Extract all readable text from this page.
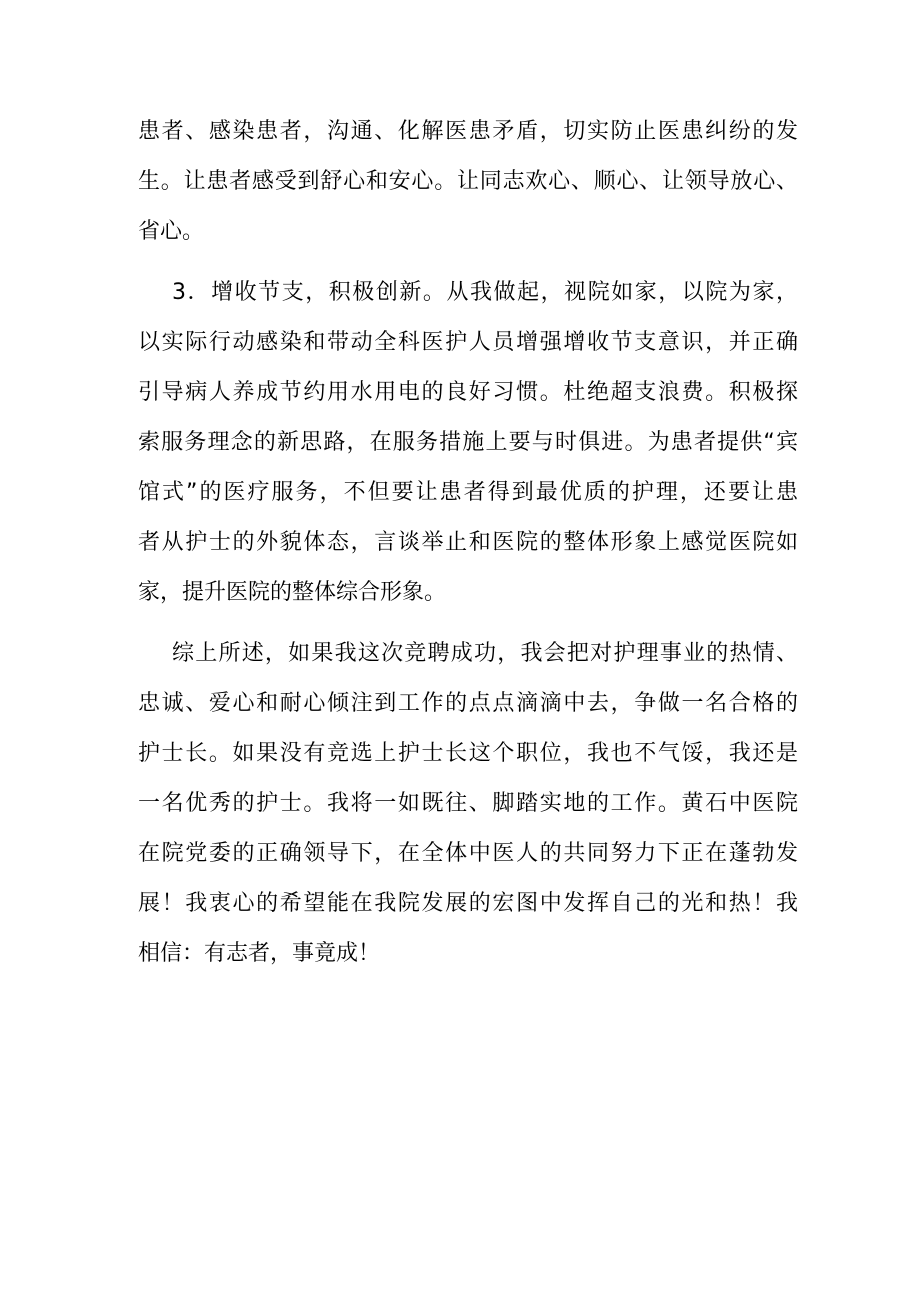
患者、感染患者，沟通、化解医患矛盾，切实防止医患纠纷的发
生。让患者感受到舒心和安心。让同志欢心、顺心、让领导放心、
省心。
3．增收节支，积极创新。从我做起，视院如家，以院为家，
以实际行动感染和带动全科医护人员增强增收节支意识，并正确
引导病人养成节约用水用电的良好习惯。杜绝超支浪费。积极探
索服务理念的新思路，在服务措施上要与时俱进。为患者提供“宾
馆式”的医疗服务，不但要让患者得到最优质的护理，还要让患
者从护士的外貌体态，言谈举止和医院的整体形象上感觉医院如
家，提升医院的整体综合形象。
综上所述，如果我这次竞聘成功，我会把对护理事业的热情、
忠诚、爱心和耐心倾注到工作的点点滴滴中去，争做一名合格的
护士长。如果没有竞选上护士长这个职位，我也不气馁，我还是
一名优秀的护士。我将一如既往、脚踏实地的工作。黄石中医院
在院党委的正确领导下，在全体中医人的共同努力下正在蓬勃发
展！我衷心的希望能在我院发展的宏图中发挥自己的光和热！我
相信：有志者，事竟成！
